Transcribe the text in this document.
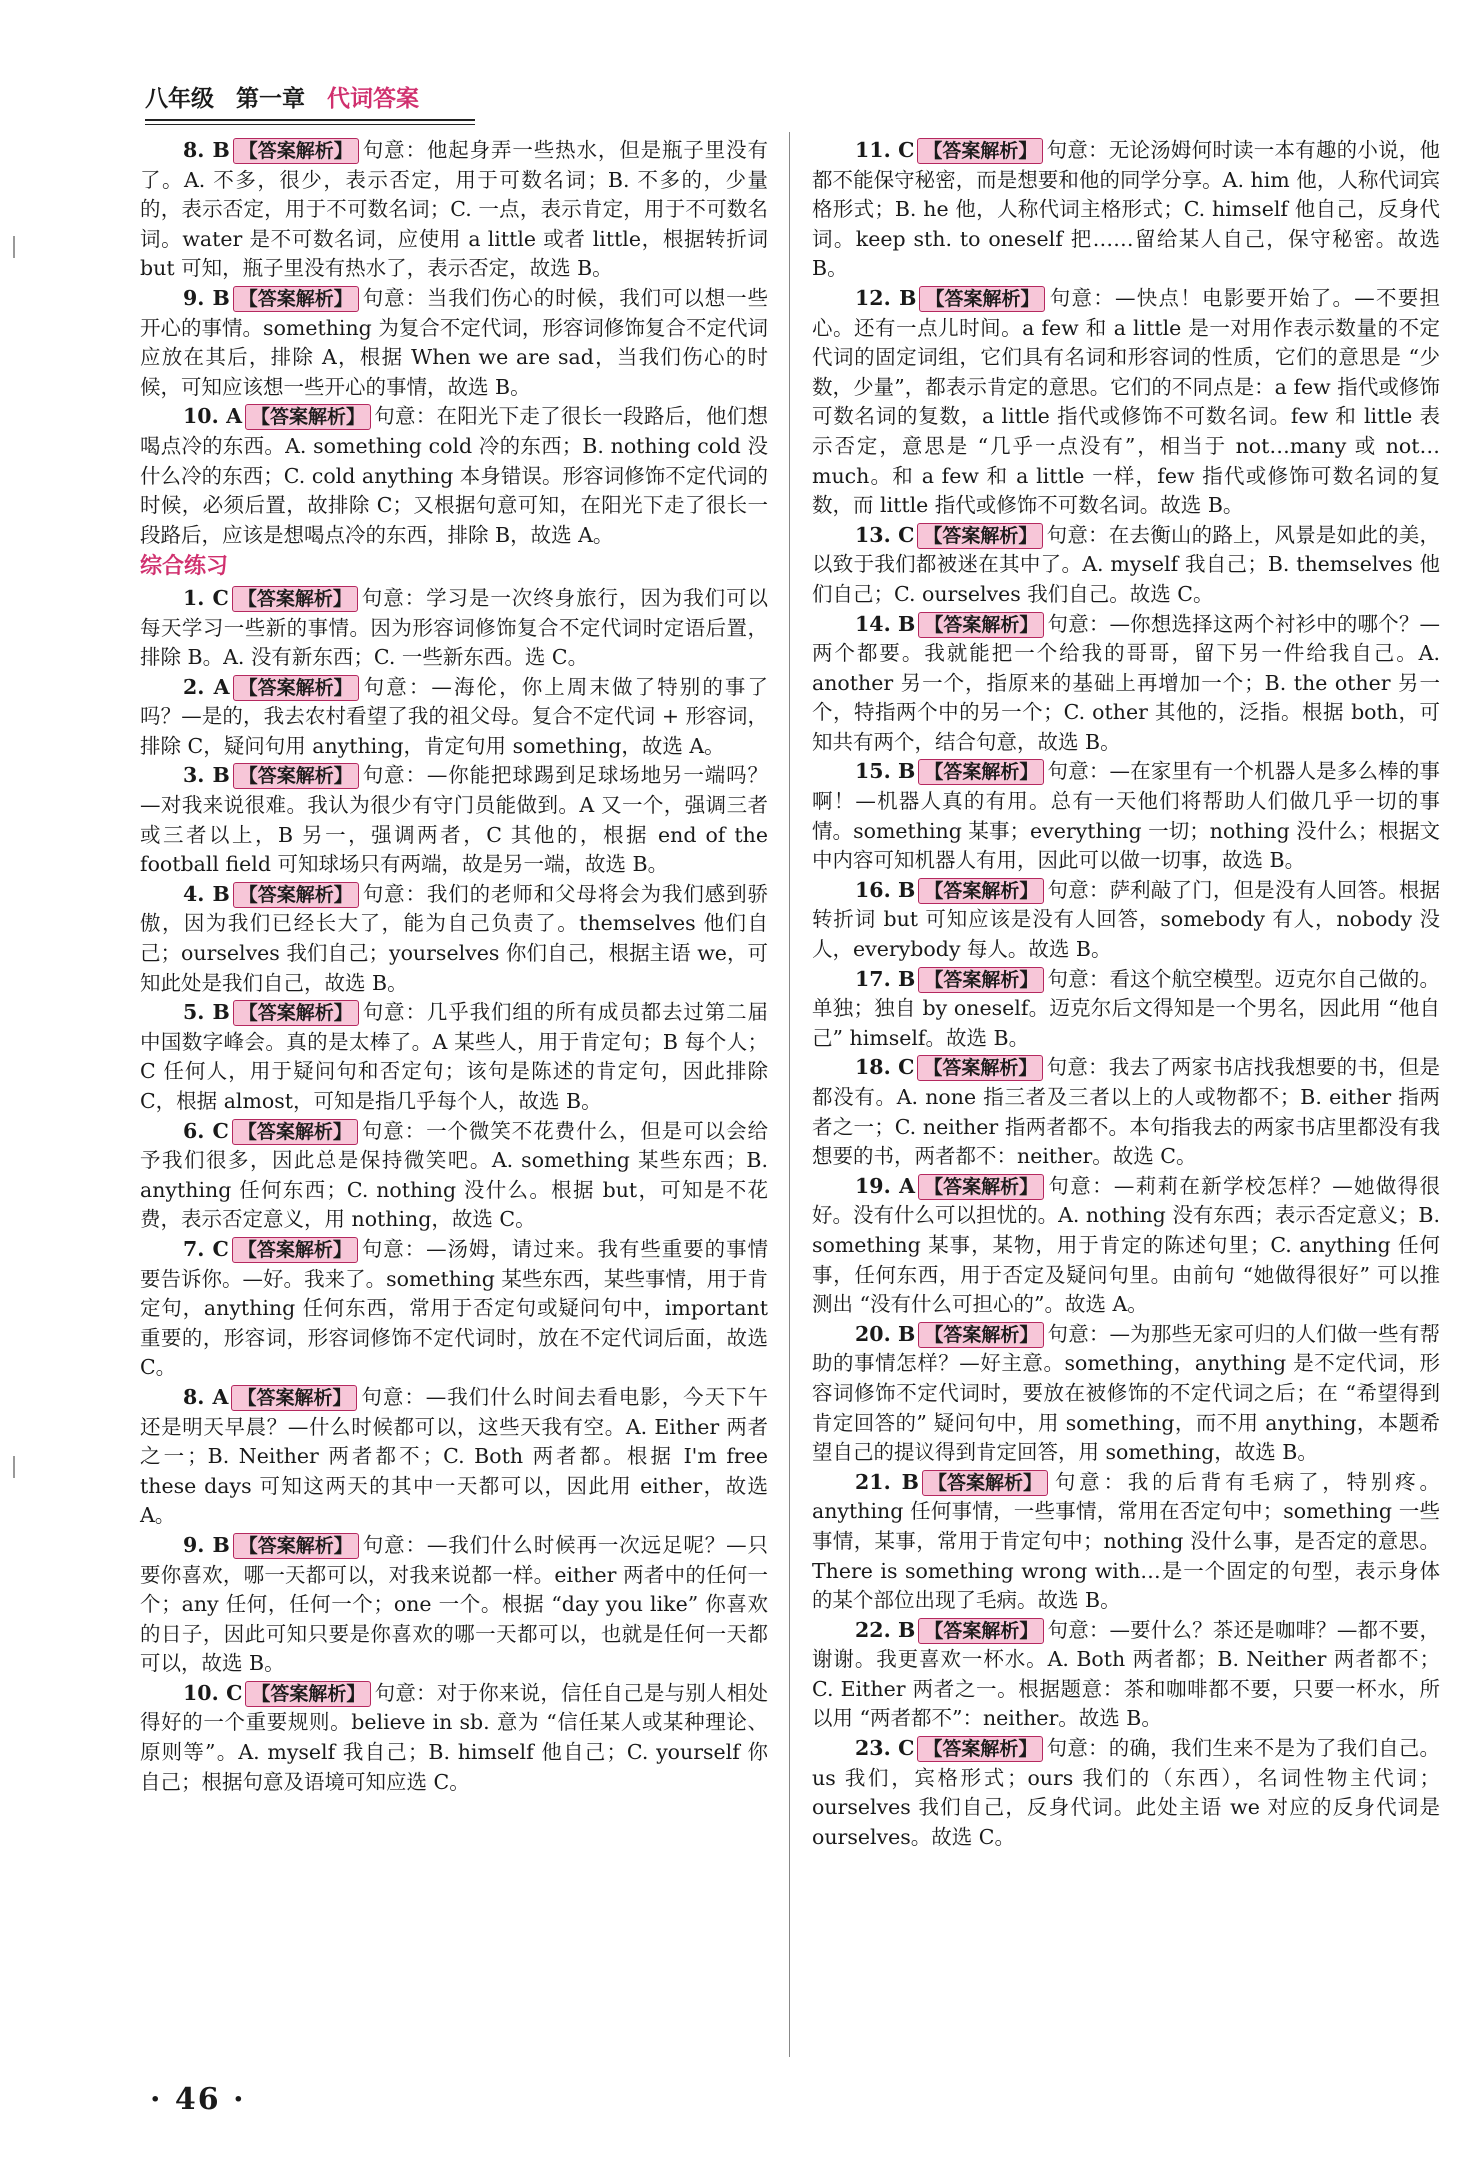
八年级 第一章 代词答案

8. B 【答案解析】 句意：他起身弄一些热水，但是瓶子里没有了。A. 不多，很少，表示否定，用于可数名词；B. 不多的，少量的，表示否定，用于不可数名词；C. 一点，表示肯定，用于不可数名词。water 是不可数名词，应使用 a little 或者 little，根据转折词 but 可知，瓶子里没有热水了，表示否定，故选 B。

9. B 【答案解析】 句意：当我们伤心的时候，我们可以想一些开心的事情。something 为复合不定代词，形容词修饰复合不定代词应放在其后，排除 A，根据 When we are sad，当我们伤心的时候，可知应该想一些开心的事情，故选 B。

10. A 【答案解析】 句意：在阳光下走了很长一段路后，他们想喝点冷的东西。A. something cold 冷的东西；B. nothing cold 没什么冷的东西；C. cold anything 本身错误。形容词修饰不定代词的时候，必须后置，故排除 C；又根据句意可知，在阳光下走了很长一段路后，应该是想喝点冷的东西，排除 B，故选 A。

综合练习

1. C 【答案解析】 句意：学习是一次终身旅行，因为我们可以每天学习一些新的事情。因为形容词修饰复合不定代词时定语后置，排除 B。A. 没有新东西；C. 一些新东西。选 C。

2. A 【答案解析】 句意：—海伦，你上周末做了特别的事了吗？—是的，我去农村看望了我的祖父母。复合不定代词 + 形容词，排除 C，疑问句用 anything，肯定句用 something，故选 A。

3. B 【答案解析】 句意：—你能把球踢到足球场地另一端吗？—对我来说很难。我认为很少有守门员能做到。A 又一个，强调三者或三者以上，B 另一，强调两者，C 其他的，根据 end of the football field 可知球场只有两端，故是另一端，故选 B。

4. B 【答案解析】 句意：我们的老师和父母将会为我们感到骄傲，因为我们已经长大了，能为自己负责了。themselves 他们自己；ourselves 我们自己；yourselves 你们自己，根据主语 we，可知此处是我们自己，故选 B。

5. B 【答案解析】 句意：几乎我们组的所有成员都去过第二届中国数字峰会。真的是太棒了。A 某些人，用于肯定句；B 每个人；C 任何人，用于疑问句和否定句；该句是陈述的肯定句，因此排除 C，根据 almost，可知是指几乎每个人，故选 B。

6. C 【答案解析】 句意：一个微笑不花费什么，但是可以会给予我们很多，因此总是保持微笑吧。A. something 某些东西；B. anything 任何东西；C. nothing 没什么。根据 but，可知是不花费，表示否定意义，用 nothing，故选 C。

7. C 【答案解析】 句意：—汤姆，请过来。我有些重要的事情要告诉你。—好。我来了。something 某些东西，某些事情，用于肯定句，anything 任何东西，常用于否定句或疑问句中，important 重要的，形容词，形容词修饰不定代词时，放在不定代词后面，故选 C。

8. A 【答案解析】 句意：—我们什么时间去看电影，今天下午还是明天早晨？—什么时候都可以，这些天我有空。A. Either 两者之一；B. Neither 两者都不；C. Both 两者都。根据 I'm free these days 可知这两天的其中一天都可以，因此用 either，故选 A。

9. B 【答案解析】 句意：—我们什么时候再一次远足呢？—只要你喜欢，哪一天都可以，对我来说都一样。either 两者中的任何一个；any 任何，任何一个；one 一个。根据 “day you like” 你喜欢的日子，因此可知只要是你喜欢的哪一天都可以，也就是任何一天都可以，故选 B。

10. C 【答案解析】 句意：对于你来说，信任自己是与别人相处得好的一个重要规则。believe in sb. 意为 “信任某人或某种理论、原则等”。A. myself 我自己；B. himself 他自己；C. yourself 你自己；根据句意及语境可知应选 C。

11. C 【答案解析】 句意：无论汤姆何时读一本有趣的小说，他都不能保守秘密，而是想要和他的同学分享。A. him 他，人称代词宾格形式；B. he 他，人称代词主格形式；C. himself 他自己，反身代词。keep sth. to oneself 把……留给某人自己，保守秘密。故选 B。

12. B 【答案解析】 句意：—快点！电影要开始了。—不要担心。还有一点儿时间。a few 和 a little 是一对用作表示数量的不定代词的固定词组，它们具有名词和形容词的性质，它们的意思是 “少数，少量”，都表示肯定的意思。它们的不同点是：a few 指代或修饰可数名词的复数，a little 指代或修饰不可数名词。few 和 little 表示否定，意思是 “几乎一点没有”，相当于 not…many 或 not…much。和 a few 和 a little 一样，few 指代或修饰可数名词的复数，而 little 指代或修饰不可数名词。故选 B。

13. C 【答案解析】 句意：在去衡山的路上，风景是如此的美，以致于我们都被迷在其中了。A. myself 我自己；B. themselves 他们自己；C. ourselves 我们自己。故选 C。

14. B 【答案解析】 句意：—你想选择这两个衬衫中的哪个？—两个都要。我就能把一个给我的哥哥，留下另一件给我自己。A. another 另一个，指原来的基础上再增加一个；B. the other 另一个，特指两个中的另一个；C. other 其他的，泛指。根据 both，可知共有两个，结合句意，故选 B。

15. B 【答案解析】 句意：—在家里有一个机器人是多么棒的事啊！—机器人真的有用。总有一天他们将帮助人们做几乎一切的事情。something 某事；everything 一切；nothing 没什么；根据文中内容可知机器人有用，因此可以做一切事，故选 B。

16. B 【答案解析】 句意：萨利敲了门，但是没有人回答。根据转折词 but 可知应该是没有人回答，somebody 有人，nobody 没人，everybody 每人。故选 B。

17. B 【答案解析】 句意：看这个航空模型。迈克尔自己做的。单独；独自 by oneself。迈克尔后文得知是一个男名，因此用 “他自己” himself。故选 B。

18. C 【答案解析】 句意：我去了两家书店找我想要的书，但是都没有。A. none 指三者及三者以上的人或物都不；B. either 指两者之一；C. neither 指两者都不。本句指我去的两家书店里都没有我想要的书，两者都不：neither。故选 C。

19. A 【答案解析】 句意：—莉莉在新学校怎样？—她做得很好。没有什么可以担忧的。A. nothing 没有东西；表示否定意义；B. something 某事，某物，用于肯定的陈述句里；C. anything 任何事，任何东西，用于否定及疑问句里。由前句 “她做得很好” 可以推测出 “没有什么可担心的”。故选 A。

20. B 【答案解析】 句意：—为那些无家可归的人们做一些有帮助的事情怎样？—好主意。something，anything 是不定代词，形容词修饰不定代词时，要放在被修饰的不定代词之后；在 “希望得到肯定回答的” 疑问句中，用 something，而不用 anything，本题希望自己的提议得到肯定回答，用 something，故选 B。

21. B 【答案解析】 句意：我的后背有毛病了，特别疼。anything 任何事情，一些事情，常用在否定句中；something 一些事情，某事，常用于肯定句中；nothing 没什么事，是否定的意思。There is something wrong with…是一个固定的句型，表示身体的某个部位出现了毛病。故选 B。

22. B 【答案解析】 句意：—要什么？茶还是咖啡？—都不要，谢谢。我更喜欢一杯水。A. Both 两者都；B. Neither 两者都不；C. Either 两者之一。根据题意：茶和咖啡都不要，只要一杯水，所以用 “两者都不”：neither。故选 B。

23. C 【答案解析】 句意：的确，我们生来不是为了我们自己。us 我们，宾格形式；ours 我们的（东西），名词性物主代词；ourselves 我们自己，反身代词。此处主语 we 对应的反身代词是 ourselves。故选 C。

· 46 ·
